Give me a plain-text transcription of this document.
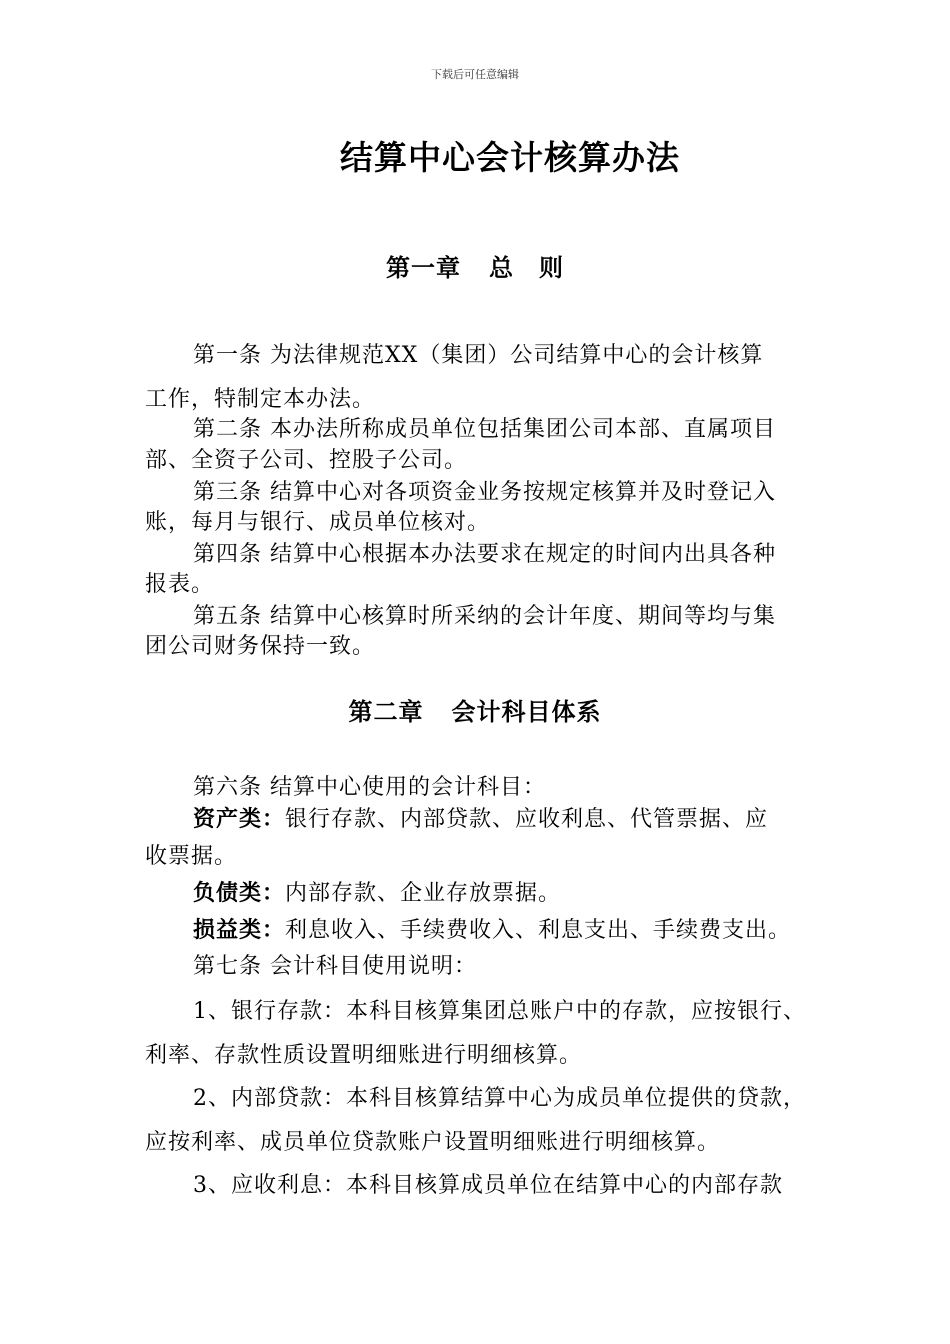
下载后可任意编辑
结算中心会计核算办法
第一章 总　则
第一条 为法律规范XX（集团）公司结算中心的会计核算
工作，特制定本办法。
第二条 本办法所称成员单位包括集团公司本部、直属项目
部、全资子公司、控股子公司。
第三条 结算中心对各项资金业务按规定核算并及时登记入
账，每月与银行、成员单位核对。
第四条 结算中心根据本办法要求在规定的时间内出具各种
报表。
第五条 结算中心核算时所采纳的会计年度、期间等均与集
团公司财务保持一致。
第二章 会计科目体系
第六条 结算中心使用的会计科目：
资产类：银行存款、内部贷款、应收利息、代管票据、应
收票据。
负债类：内部存款、企业存放票据。
损益类：利息收入、手续费收入、利息支出、手续费支出。
第七条 会计科目使用说明：
1、银行存款：本科目核算集团总账户中的存款，应按银行、
利率、存款性质设置明细账进行明细核算。
2、内部贷款：本科目核算结算中心为成员单位提供的贷款，
应按利率、成员单位贷款账户设置明细账进行明细核算。
3、应收利息：本科目核算成员单位在结算中心的内部存款
